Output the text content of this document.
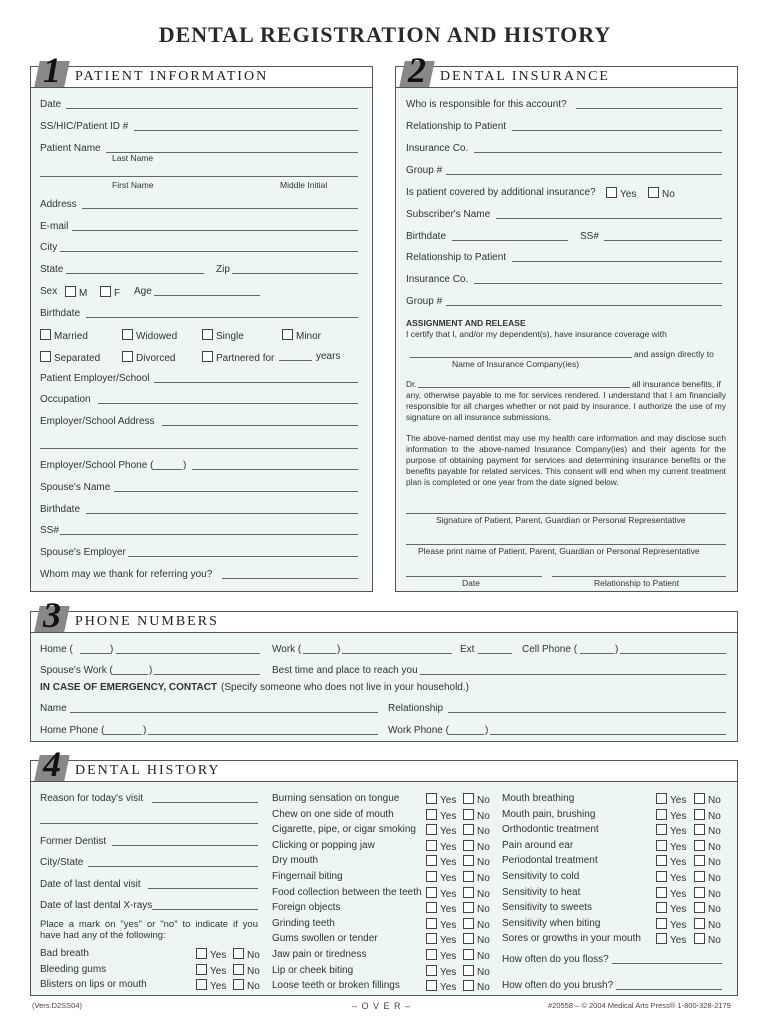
DENTAL REGISTRATION AND HISTORY
1	PATIENT INFORMATION	2	DENTAL INSURANCE
3	PHONE NUMBERS
4	DENTAL HISTORY
Date
SS/HIC/Patient ID #
Patient Name
Last Name
First Name	Middle Initial
Address
E-mail
City
State	Zip
Sex	M	F Age
Birthdate
Married	Widowed	Single	Minor
Separated	Divorced	Partnered for	years
Patient Employer/School
Occupation
Employer/School Address
Employer/School Phone (	)
Spouse's Name
Birthdate
SS#
Spouse's Employer
Whom may we thank for referring you?
Who is responsible for this account?
Relationship to Patient
Insurance Co.
Group #
Is patient covered by additional insurance?	Yes	No
Subscriber's Name
Birthdate	SS#
Relationship to Patient
Insurance Co.
Group #
ASSIGNMENT AND RELEASE
I certify that I, and/or my dependent(s), have insurance coverage with
and assign directly to
Name of Insurance Company(ies)
Dr.	all insurance benefits, if
any, otherwise payable to me for services rendered. I understand that I am financially responsible for all charges whether or not paid by insurance. I authorize the use of my signature on all insurance submissions.
The above-named dentist may use my health care information and may disclose such information to the above-named Insurance Company(ies) and their agents for the purpose of obtaining payment for services and determining insurance benefits or the benefits payable for related services. This consent will end when my current treatment plan is completed or one year from the date signed below.
Signature of Patient, Parent, Guardian or Personal Representative
Please print name of Patient, Parent, Guardian or Personal Representative
Date	Relationship to Patient
Home (	)	Work (	)	Ext	Cell Phone (	)
Spouse's Work (	)	Best time and place to reach you
IN CASE OF EMERGENCY, CONTACT (Specify someone who does not live in your household.)
Name	Relationship
Home Phone (	)	Work Phone (	)
Reason for today's visit
Former Dentist
City/State
Date of last dental visit
Date of last dental X-rays
Place a mark on "yes" or "no" to indicate if you have had any of the following:
Bad breath	Yes	No
Bleeding gums	Yes	No
Blisters on lips or mouth	Yes	No
Burning sensation on tongue	Yes	No
Chew on one side of mouth	Yes	No
Cigarette, pipe, or cigar smoking	Yes	No
Clicking or popping jaw	Yes	No
Dry mouth	Yes	No
Fingernail biting	Yes	No
Food collection between the teeth	Yes	No
Foreign objects	Yes	No
Grinding teeth	Yes	No
Gums swollen or tender	Yes	No
Jaw pain or tiredness	Yes	No
Lip or cheek biting	Yes	No
Loose teeth or broken fillings	Yes	No
Mouth breathing	Yes	No
Mouth pain, brushing	Yes	No
Orthodontic treatment	Yes	No
Pain around ear	Yes	No
Periodontal treatment	Yes	No
Sensitivity to cold	Yes	No
Sensitivity to heat	Yes	No
Sensitivity to sweets	Yes	No
Sensitivity when biting	Yes	No
Sores or growths in your mouth	Yes	No
How often do you floss?
How often do you brush?
(Vers.D2SS04)	– O V E R –	#20558 – © 2004 Medical Arts Press® 1-800-328-2179
